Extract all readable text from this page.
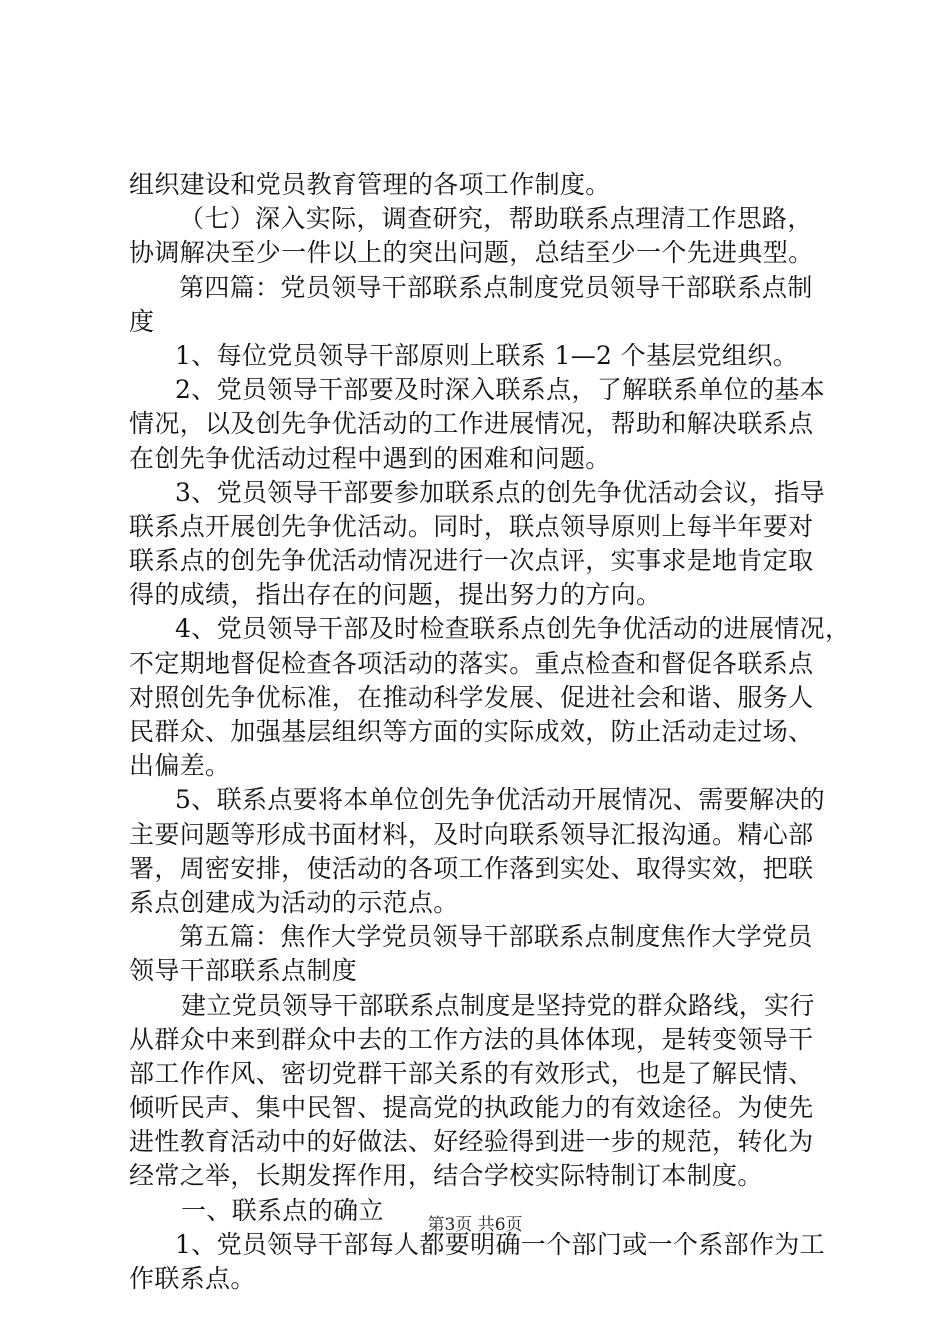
组织建设和党员教育管理的各项工作制度。
（七）深入实际，调查研究，帮助联系点理清工作思路，
协调解决至少一件以上的突出问题，总结至少一个先进典型。
第四篇：党员领导干部联系点制度党员领导干部联系点制
度
1、每位党员领导干部原则上联系 1—2 个基层党组织。
2、党员领导干部要及时深入联系点，了解联系单位的基本
情况，以及创先争优活动的工作进展情况，帮助和解决联系点
在创先争优活动过程中遇到的困难和问题。
3、党员领导干部要参加联系点的创先争优活动会议，指导
联系点开展创先争优活动。同时，联点领导原则上每半年要对
联系点的创先争优活动情况进行一次点评，实事求是地肯定取
得的成绩，指出存在的问题，提出努力的方向。
4、党员领导干部及时检查联系点创先争优活动的进展情况，
不定期地督促检查各项活动的落实。重点检查和督促各联系点
对照创先争优标准，在推动科学发展、促进社会和谐、服务人
民群众、加强基层组织等方面的实际成效，防止活动走过场、
出偏差。
5、联系点要将本单位创先争优活动开展情况、需要解决的
主要问题等形成书面材料，及时向联系领导汇报沟通。精心部
署，周密安排，使活动的各项工作落到实处、取得实效，把联
系点创建成为活动的示范点。
第五篇：焦作大学党员领导干部联系点制度焦作大学党员
领导干部联系点制度
建立党员领导干部联系点制度是坚持党的群众路线，实行
从群众中来到群众中去的工作方法的具体体现，是转变领导干
部工作作风、密切党群干部关系的有效形式，也是了解民情、
倾听民声、集中民智、提高党的执政能力的有效途径。为使先
进性教育活动中的好做法、好经验得到进一步的规范，转化为
经常之举，长期发挥作用，结合学校实际特制订本制度。
一、联系点的确立
1、党员领导干部每人都要明确一个部门或一个系部作为工
作联系点。
第3页 共6页
